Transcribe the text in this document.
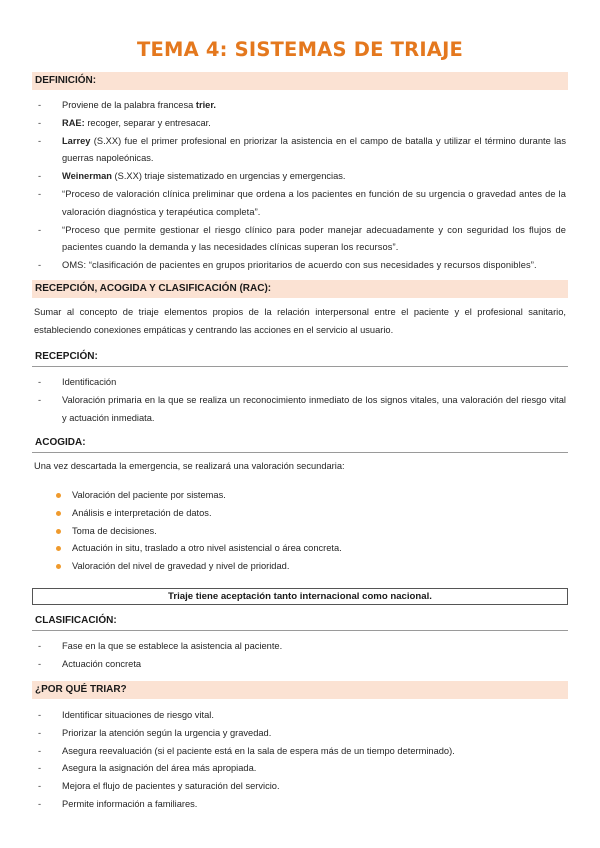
TEMA 4: SISTEMAS DE TRIAJE
DEFINICIÓN:
- Proviene de la palabra francesa trier.
- RAE: recoger, separar y entresacar.
- Larrey (S.XX) fue el primer profesional en priorizar la asistencia en el campo de batalla y utilizar el término durante las guerras napoleónicas.
- Weinerman (S.XX) triaje sistematizado en urgencias y emergencias.
- “Proceso de valoración clínica preliminar que ordena a los pacientes en función de su urgencia o gravedad antes de la valoración diagnóstica y terapéutica completa”.
- “Proceso que permite gestionar el riesgo clínico para poder manejar adecuadamente y con seguridad los flujos de pacientes cuando la demanda y las necesidades clínicas superan los recursos”.
- OMS: “clasificación de pacientes en grupos prioritarios de acuerdo con sus necesidades y recursos disponibles”.
RECEPCIÓN, ACOGIDA Y CLASIFICACIÓN (RAC):

Sumar al concepto de triaje elementos propios de la relación interpersonal entre el paciente y el profesional sanitario, estableciendo conexiones empáticas y centrando las acciones en el servicio al usuario.

RECEPCIÓN:
- Identificación
- Valoración primaria en la que se realiza un reconocimiento inmediato de los signos vitales, una valoración del riesgo vital y actuación inmediata.
ACOGIDA:

Una vez descartada la emergencia, se realizará una valoración secundaria:

Valoración del paciente por sistemas.
Análisis e interpretación de datos.
Toma de decisiones.
Actuación in situ, traslado a otro nivel asistencial o área concreta.
Valoración del nivel de gravedad y nivel de prioridad.
Triaje tiene aceptación tanto internacional como nacional.
CLASIFICACIÓN:
- Fase en la que se establece la asistencia al paciente.
- Actuación concreta
¿POR QUÉ TRIAR?
- Identificar situaciones de riesgo vital.
- Priorizar la atención según la urgencia y gravedad.
- Asegura reevaluación (si el paciente está en la sala de espera más de un tiempo determinado).
- Asegura la asignación del área más apropiada.
- Mejora el flujo de pacientes y saturación del servicio.
- Permite información a familiares.
